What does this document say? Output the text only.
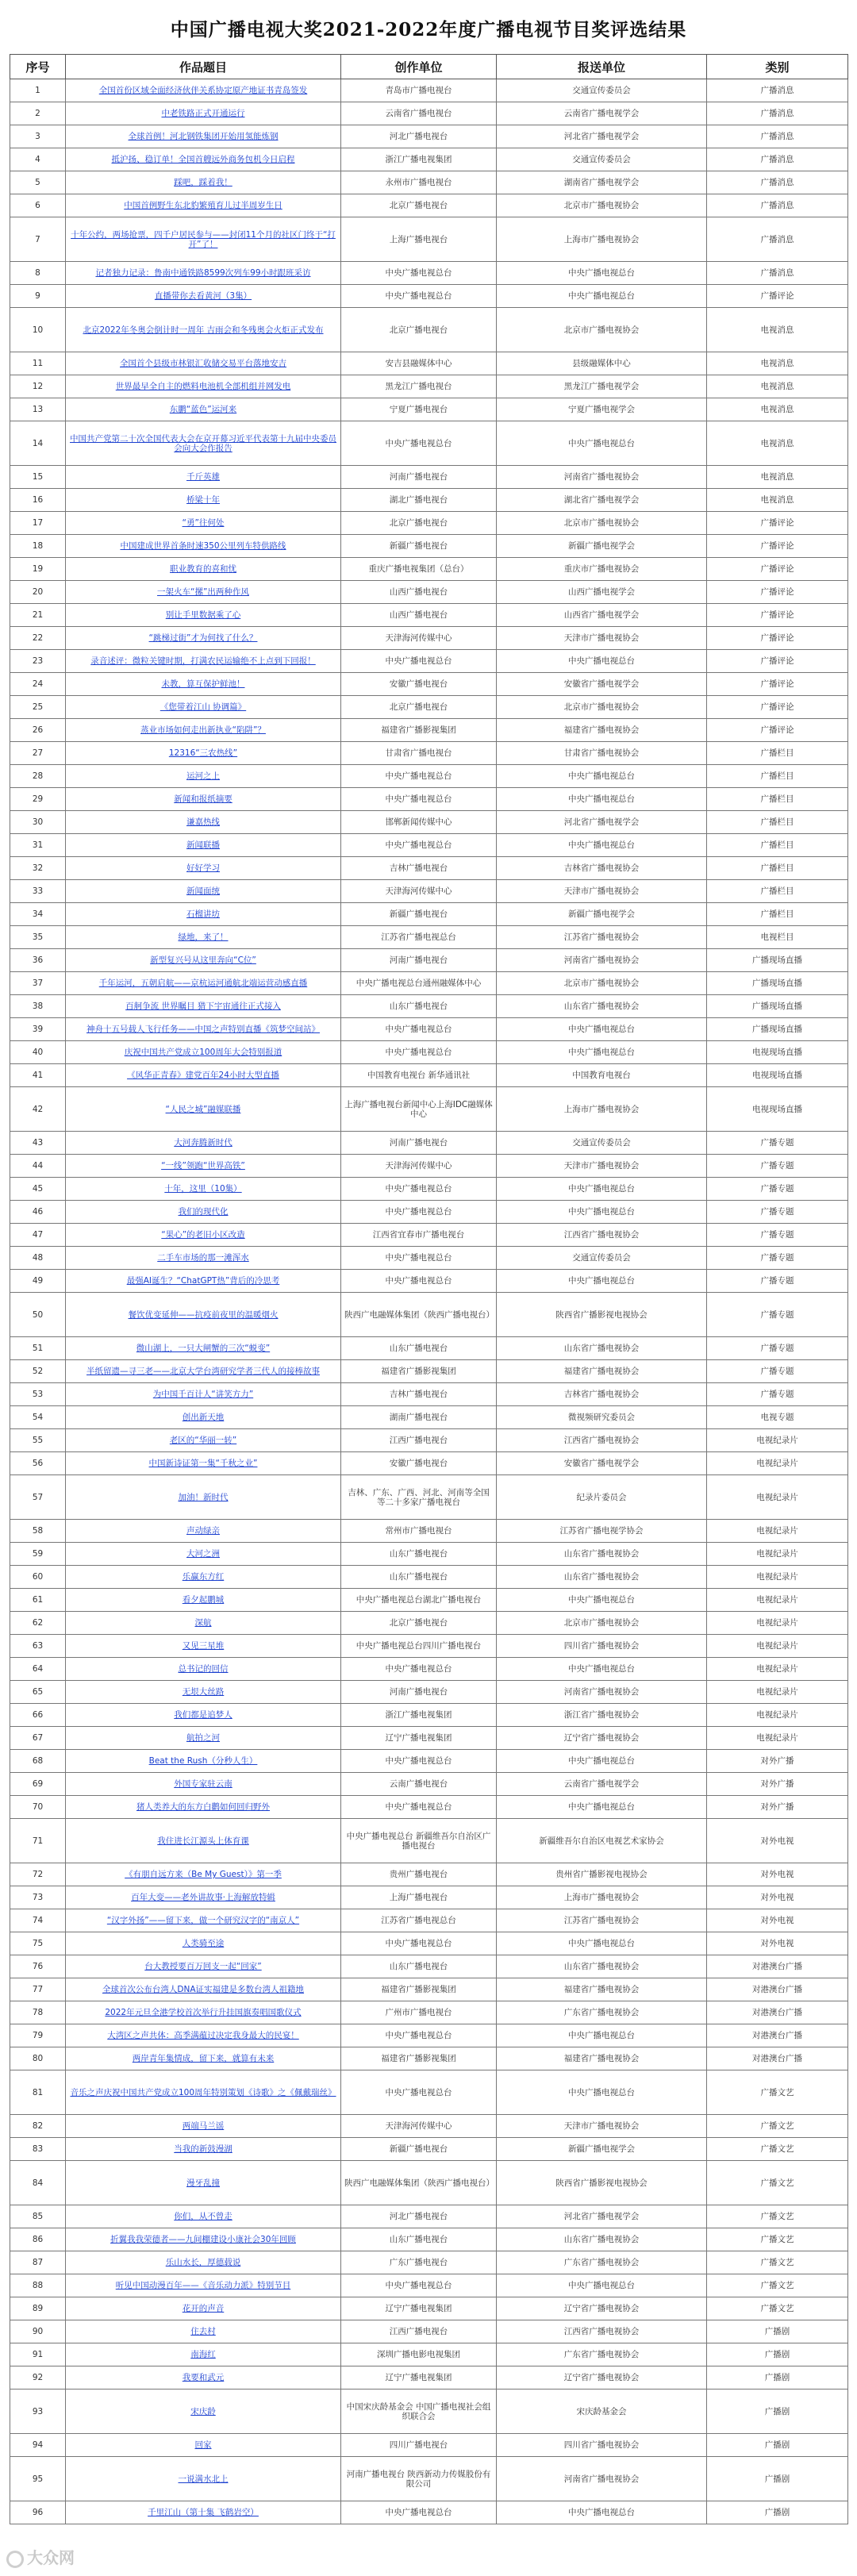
中国广播电视大奖2021-2022年度广播电视节目奖评选结果
序号	作品题目	创作单位	报送单位	类别
1	全国首份区域全面经济伙伴关系协定原产地证书青岛签发	青岛市广播电视台	交通宣传委员会	广播消息
2	中老铁路正式开通运行	云南省广播电视台	云南省广播电视学会	广播消息
3	全球首例！河北钢铁集团开始用氢能炼钢	河北广播电视台	河北省广播电视学会	广播消息
4	抵沪扬、稳订单！全国首艘远外商务包机今日启程	浙江广播电视集团	交通宣传委员会	广播消息
5	踩吧，踩着我！	永州市广播电视台	湖南省广播电视学会	广播消息
6	中国首例野生东北豹繁殖育儿过半周岁生日	北京广播电视台	北京市广播电视协会	广播消息
7	十年公约，两场抢票，四千户居民参与——封闭11个月的社区门终于“打开”了！	上海广播电视台	上海市广播电视协会	广播消息
8	记者独力记录：鲁南中通铁路8599次列车99小时跟班采访	中央广播电视总台	中央广播电视总台	广播消息
9	直播带你去看黄河（3集）	中央广播电视总台	中央广播电视总台	广播评论
10	北京2022年冬奥会倒计时一周年 吉雨会和冬残奥会火炬正式发布	北京广播电视台	北京市广播电视协会	电视消息
11	全国首个县级市林银汇收储交易平台落地安吉	安吉县融媒体中心	县级融媒体中心	电视消息
12	世界最早全自主的燃料电池机全部机组并网发电	黑龙江广播电视台	黑龙江广播电视学会	电视消息
13	东鹏“蓝色”运河来	宁夏广播电视台	宁夏广播电视学会	电视消息
14	中国共产党第二十次全国代表大会在京开幕习近平代表第十九届中央委员会向大会作报告	中央广播电视总台	中央广播电视总台	电视消息
15	千斤英雄	河南广播电视台	河南省广播电视协会	电视消息
16	桥梁十年	湖北广播电视台	湖北省广播电视学会	电视消息
17	“勇”往何处	北京广播电视台	北京市广播电视协会	广播评论
18	中国建成世界首条时速350公里列车特供路线	新疆广播电视台	新疆广播电视学会	广播评论
19	职业教育的喜和忧	重庆广播电视集团（总台）	重庆市广播电视协会	广播评论
20	一架火车“摞”出两种作风	山西广播电视台	山西广播电视学会	广播评论
21	别让手里数据乘了心	山西广播电视台	山西省广播电视学会	广播评论
22	“跳梯过街”才为何找了什么？	天津海河传媒中心	天津市广播电视协会	广播评论
23	录音述评：微粒关键时期，打满农民运输绝不上点到下回报！	中央广播电视总台	中央广播电视总台	广播评论
24	未教，算互保护鲜池！	安徽广播电视台	安徽省广播电视学会	广播评论
25	《您带着江山 协调篇》	北京广播电视台	北京市广播电视协会	广播评论
26	蒸业市场如何走出新执业“陷阱”？	福建省广播影视集团	福建省广播电视协会	广播评论
27	12316“三农热线”	甘肃省广播电视台	甘肃省广播电视协会	广播栏目
28	运河之上	中央广播电视总台	中央广播电视总台	广播栏目
29	新闻和报纸摘要	中央广播电视总台	中央广播电视总台	广播栏目
30	谦嘉热线	邯郸新闻传媒中心	河北省广播电视学会	广播栏目
31	新闻联播	中央广播电视总台	中央广播电视总台	广播栏目
32	好好学习	吉林广播电视台	吉林省广播电视协会	广播栏目
33	新闻面统	天津海河传媒中心	天津市广播电视协会	广播栏目
34	石榴讲坊	新疆广播电视台	新疆广播电视学会	广播栏目
35	绿地，来了！	江苏省广播电视总台	江苏省广播电视协会	电视栏目
36	新型复兴号从这里奔向“C位”	河南广播电视台	河南省广播电视协会	广播现场直播
37	千年运河，五朝启航——京杭运河通航北端运营动感直播	中央广播电视总台通州融媒体中心	北京市广播电视协会	广播现场直播
38	百舸争流 世界瞩目 猎下宇宙通往正式接入	山东广播电视台	山东省广播电视协会	广播现场直播
39	神舟十五号载人飞行任务——中国之声特别直播《筑梦空间站》	中央广播电视总台	中央广播电视总台	广播现场直播
40	庆祝中国共产党成立100周年大会特别报道	中央广播电视总台	中央广播电视总台	电视现场直播
41	《风华正青春》建党百年24小时大型直播	中国教育电视台 新华通讯社	中国教育电视台	电视现场直播
42	“人民之城”融媒联播	上海广播电视台新闻中心上海IDC融媒体中心	上海市广播电视协会	电视现场直播
43	大河奔腾新时代	河南广播电视台	交通宣传委员会	广播专题
44	“一线”领跑“世界高铁”	天津海河传媒中心	天津市广播电视协会	广播专题
45	十年，这里（10集）	中央广播电视总台	中央广播电视总台	广播专题
46	我们的现代化	中央广播电视总台	中央广播电视总台	广播专题
47	“果心”的老旧小区改造	江西省宜春市广播电视台	江西省广播电视协会	广播专题
48	二手车市场的那一滩浑水	中央广播电视总台	交通宣传委员会	广播专题
49	最强AI诞生？“ChatGPT热”背后的冷思考	中央广播电视总台	中央广播电视总台	广播专题
50	餐饮优变延伸——抗疫前夜里的温暖烟火	陕西广电融媒体集团（陕西广播电视台）	陕西省广播影视电视协会	广播专题
51	微山湖上，一只大闸蟹的三次“蜕变”	山东广播电视台	山东省广播电视协会	广播专题
52	半纸留遗—寻三老——北京大学台湾研究学者三代人的接棒故事	福建省广播影视集团	福建省广播电视协会	广播专题
53	为中国千百计人“讲笑方力”	吉林广播电视台	吉林省广播电视协会	广播专题
54	创出新天地	湖南广播电视台	微视频研究委员会	电视专题
55	老区的“华丽一转”	江西广播电视台	江西省广播电视协会	电视纪录片
56	中国新诗证第一集“千秋之业”	安徽广播电视台	安徽省广播电视学会	电视纪录片
57	加油！新时代	吉林、广东、广西、河北、河南等全国等二十多家广播电视台	纪录片委员会	电视纪录片
58	声动绿亲	常州市广播电视台	江苏省广播电视学协会	电视纪录片
59	大河之洲	山东广播电视台	山东省广播电视协会	电视纪录片
60	乐赢东方红	山东广播电视台	山东省广播电视协会	电视纪录片
61	看夕起鹏城	中央广播电视总台湖北广播电视台	中央广播电视总台	电视纪录片
62	深航	北京广播电视台	北京市广播电视协会	电视纪录片
63	又见三星堆	中央广播电视总台四川广播电视台	四川省广播电视协会	电视纪录片
64	总书记的回信	中央广播电视总台	中央广播电视总台	电视纪录片
65	无垠大丝路	河南广播电视台	河南省广播电视协会	电视纪录片
66	我们都是追梦人	浙江广播电视集团	浙江省广播电视协会	电视纪录片
67	航拍之河	辽宁广播电视集团	辽宁省广播电视协会	电视纪录片
68	Beat the Rush（分秒人生）	中央广播电视总台	中央广播电视总台	对外广播
69	外国专家驻云南	云南广播电视台	云南省广播电视学会	对外广播
70	猪人类养大的东方白鹳如何回归野外	中央广播电视总台	中央广播电视总台	对外广播
71	我住进长江源头上体育课	中央广播电视总台 新疆维吾尔自治区广播电视台	新疆维吾尔自治区电视艺术家协会	对外电视
72	《有朋自远方来（Be My Guest）》第一季	贵州广播电视台	贵州省广播影视电视协会	对外电视
73	百年大变——老外讲故事·上海解放特辑	上海广播电视台	上海市广播电视协会	对外电视
74	“汉字外扬”——留下来，做一个研究汉字的“南京人”	江苏省广播电视总台	江苏省广播电视协会	对外电视
75	人类骑至途	中央广播电视总台	中央广播电视总台	对外电视
76	台大教授要百万回支一起“回家”	山东广播电视台	山东省广播电视协会	对港澳台广播
77	全球首次公布台湾人DNA证实福建是多数台湾人祖籍地	福建省广播影视集团	福建省广播电视协会	对港澳台广播
78	2022年元旦全港学校首次举行升挂国旗奏唱国歌仪式	广州市广播电视台	广东省广播电视协会	对港澳台广播
79	大湾区之声共体：高季满蕴过决定我身最大的民宴！	中央广播电视总台	中央广播电视总台	对港澳台广播
80	两岸青年集情成，留下来，就算有未来	福建省广播影视集团	福建省广播电视协会	对港澳台广播
81	音乐之声庆祝中国共产党成立100周年特别策划《诗歌》之《佩戴瑞丝》	中央广播电视总台	中央广播电视总台	广播文艺
82	两端马兰谣	天津海河传媒中心	天津市广播电视协会	广播文艺
83	当我的新鼓漫湖	新疆广播电视台	新疆广播电视学会	广播文艺
84	漫牙乱撞	陕西广电融媒体集团（陕西广播电视台）	陕西省广播影视电视协会	广播文艺
85	你们，从不曾走	河北广播电视台	河北省广播电视学会	广播文艺
86	折翼我我荣德者——九间棚建设小康社会30年回顾	山东广播电视台	山东省广播电视协会	广播文艺
87	乐山水长，厚德载说	广东广播电视台	广东省广播电视协会	广播文艺
88	听见中国动漫百年——《音乐动力派》特别节目	中央广播电视总台	中央广播电视总台	广播文艺
89	花开的声音	辽宁广播电视集团	辽宁省广播电视协会	广播文艺
90	住去村	江西广播电视台	江西省广播电视协会	广播剧
91	南海红	深圳广播电影电视集团	广东省广播电视协会	广播剧
92	我要和武元	辽宁广播电视集团	辽宁省广播电视协会	广播剧
93	宋庆龄	中国宋庆龄基金会 中国广播电视社会组织联合会	宋庆龄基金会	广播剧
94	回家	四川广播电视台	四川省广播电视协会	广播剧
95	一说满水北上	河南广播电视台 陕西新动力传媒股份有限公司	河南省广播电视协会	广播剧
96	千里江山（第十集 飞鹤岩空）	中央广播电视总台	中央广播电视总台	广播剧
大众网
